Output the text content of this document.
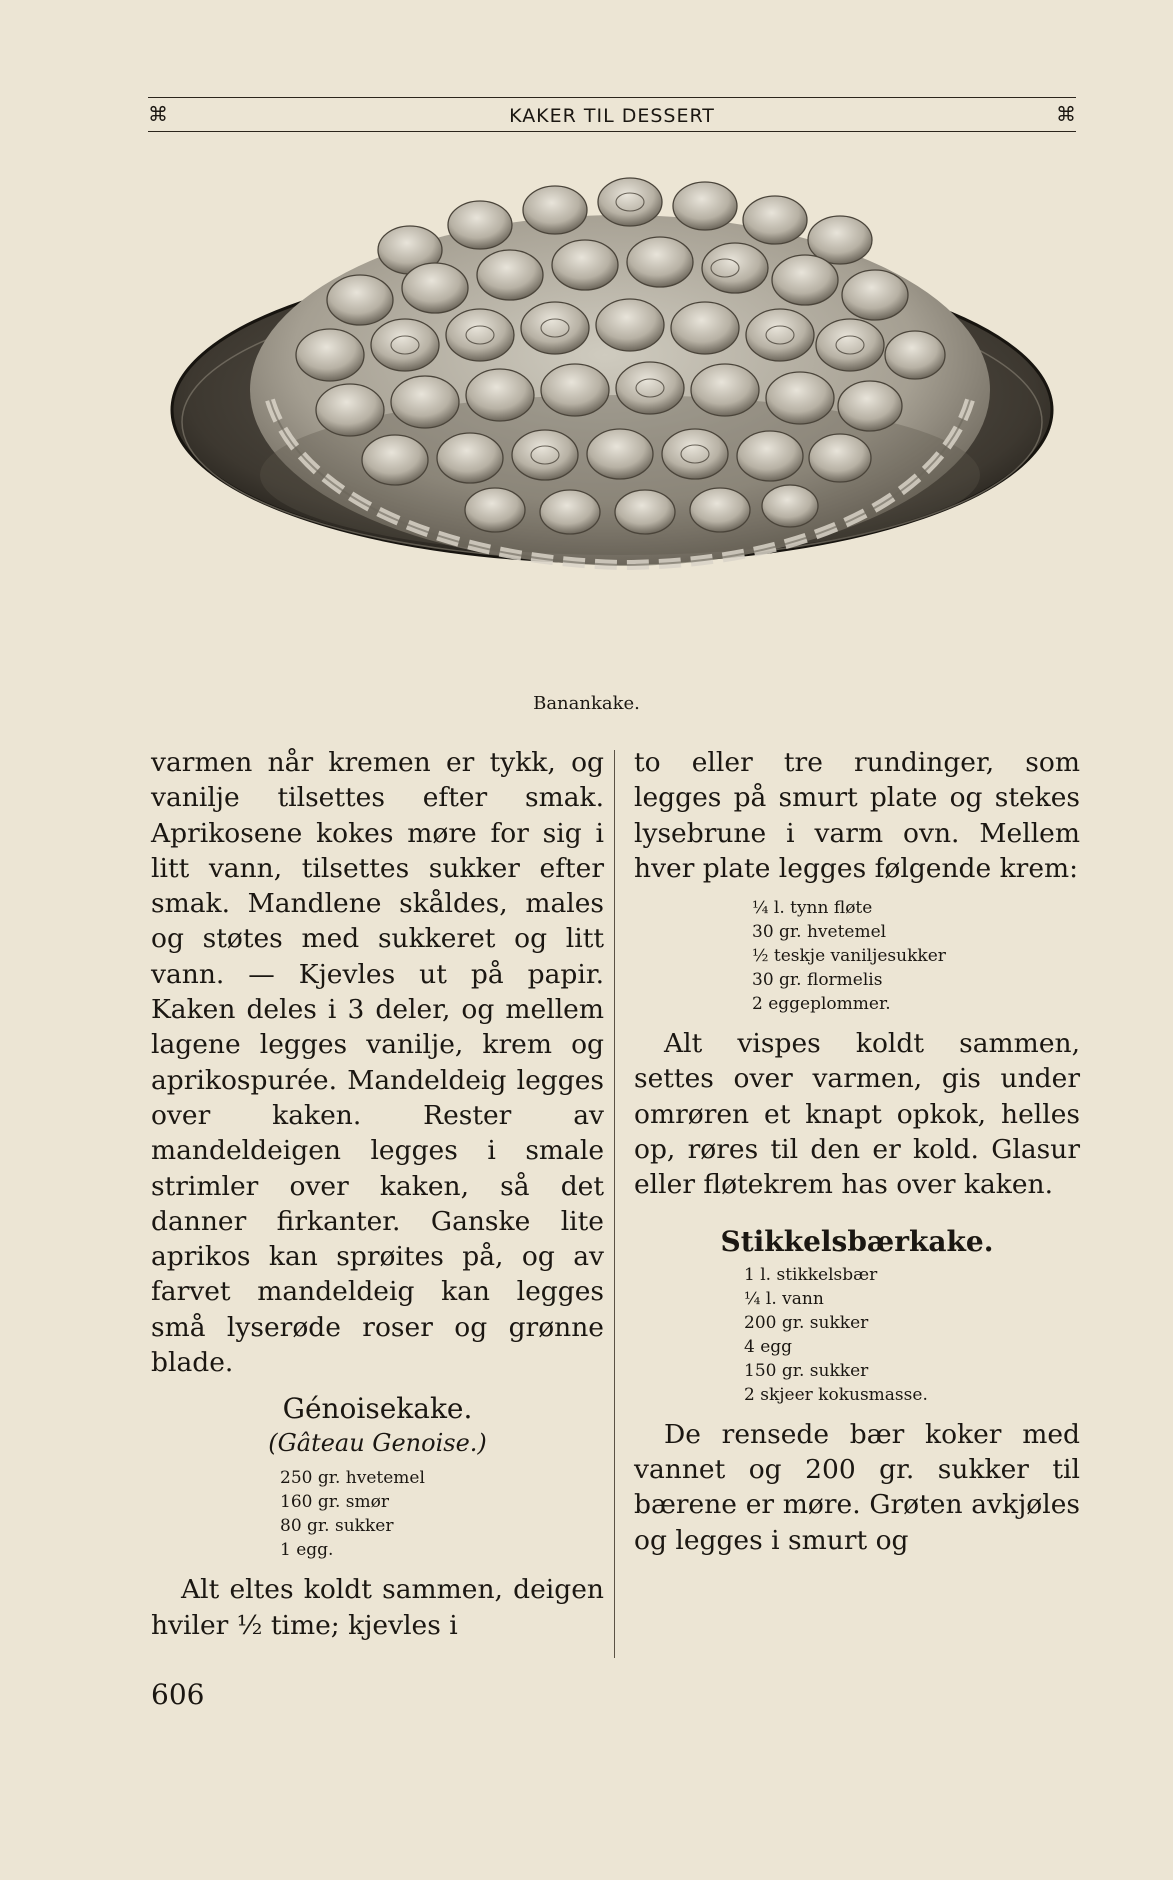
⌘	KAKER TIL DESSERT	⌘
Banankake.

varmen når kremen er tykk, og vanilje tilsettes efter smak. Aprikosene kokes møre for sig i litt vann, tilsettes sukker efter smak. Mandlene skåldes, males og støtes med sukkeret og litt vann. — Kjevles ut på papir. Kaken deles i 3 deler, og mellem lagene legges vanilje, krem og aprikospurée. Mandeldeig legges over kaken. Rester av mandeldeigen legges i smale strimler over kaken, så det danner firkanter. Ganske lite aprikos kan sprøites på, og av farvet mandeldeig kan legges små lyserøde roser og grønne blade.

Génoisekake.

(Gâteau Genoise.)

250 gr. hvetemel
160 gr. smør
80 gr. sukker
1 egg.

Alt eltes koldt sammen, deigen hviler ½ time; kjevles i

to eller tre rundinger, som legges på smurt plate og stekes lysebrune i varm ovn. Mellem hver plate legges følgende krem:

¼ l. tynn fløte
30 gr. hvetemel
½ teskje vaniljesukker
30 gr. flormelis
2 eggeplommer.

Alt vispes koldt sammen, settes over varmen, gis under omrøren et knapt opkok, helles op, røres til den er kold. Glasur eller fløtekrem has over kaken.

Stikkelsbærkake.

1 l. stikkelsbær
¼ l. vann
200 gr. sukker
4 egg
150 gr. sukker
2 skjeer kokusmasse.

De rensede bær koker med vannet og 200 gr. sukker til bærene er møre. Grøten avkjøles og legges i smurt og

606
